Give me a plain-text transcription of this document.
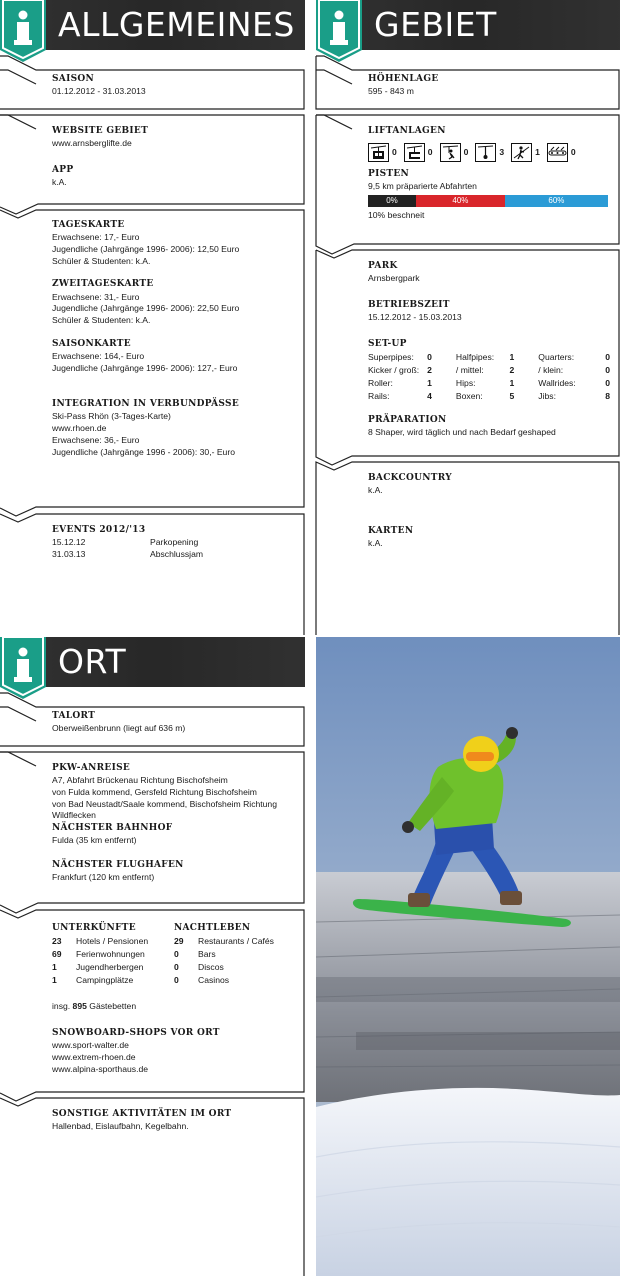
ALLGEMEINES GEBIET
ORT
SAISON
01.12.2012 - 31.03.2013
WEBSITE GEBIET
www.arnsberglifte.de
APP
k.A.
TAGESKARTE
Erwachsene: 17,- Euro
Jugendliche (Jahrgänge 1996- 2006): 12,50 Euro
Schüler & Studenten: k.A.
ZWEITAGESKARTE
Erwachsene: 31,- Euro
Jugendliche (Jahrgänge 1996- 2006): 22,50 Euro
Schüler & Studenten: k.A.
SAISONKARTE
Erwachsene: 164,- Euro
Jugendliche (Jahrgänge 1996- 2006): 127,- Euro
INTEGRATION IN VERBUNDPÄSSE
Ski-Pass Rhön (3-Tages-Karte)
www.rhoen.de
Erwachsene: 36,- Euro
Jugendliche (Jahrgänge 1996 - 2006): 30,- Euro
EVENTS 2012/'13
15.12.12	Parkopening
31.03.13	Abschlussjam
HÖHENLAGE
595 - 843 m
LIFTANLAGEN
0	0	0	3	1	0
PISTEN
9,5 km präparierte Abfahrten
0%	40%	60%
10% beschneit
PARK
Arnsbergpark
BETRIEBSZEIT
15.12.2012 - 15.03.2013
SET-UP
Superpipes:	0	Halfpipes:	1	Quarters:	0
Kicker / groß:	2	/ mittel:	2	/ klein:	0
Roller:	1	Hips:	1	Wallrides:	0
Rails:	4	Boxen:	5	Jibs:	8
PRÄPARATION
8 Shaper, wird täglich und nach Bedarf geshaped
BACKCOUNTRY
k.A.
KARTEN
k.A.
TALORT
Oberweißenbrunn (liegt auf 636 m)
PKW-ANREISE
A7, Abfahrt Brückenau Richtung Bischofsheim
von Fulda kommend, Gersfeld Richtung Bischofsheim
von Bad Neustadt/Saale kommend, Bischofsheim Richtung
Wildflecken
NÄCHSTER BAHNHOF
Fulda (35 km entfernt)
NÄCHSTER FLUGHAFEN
Frankfurt (120 km entfernt)
UNTERKÜNFTE
23	Hotels / Pensionen
69	Ferienwohnungen
1	Jugendherbergen
1	Campingplätze
NACHTLEBEN
29	Restaurants / Cafés
0	Bars
0	Discos
0	Casinos
insg. 895 Gästebetten
SNOWBOARD-SHOPS VOR ORT
www.sport-walter.de
www.extrem-rhoen.de
www.alpina-sporthaus.de
SONSTIGE AKTIVITÄTEN IM ORT
Hallenbad, Eislaufbahn, Kegelbahn.
